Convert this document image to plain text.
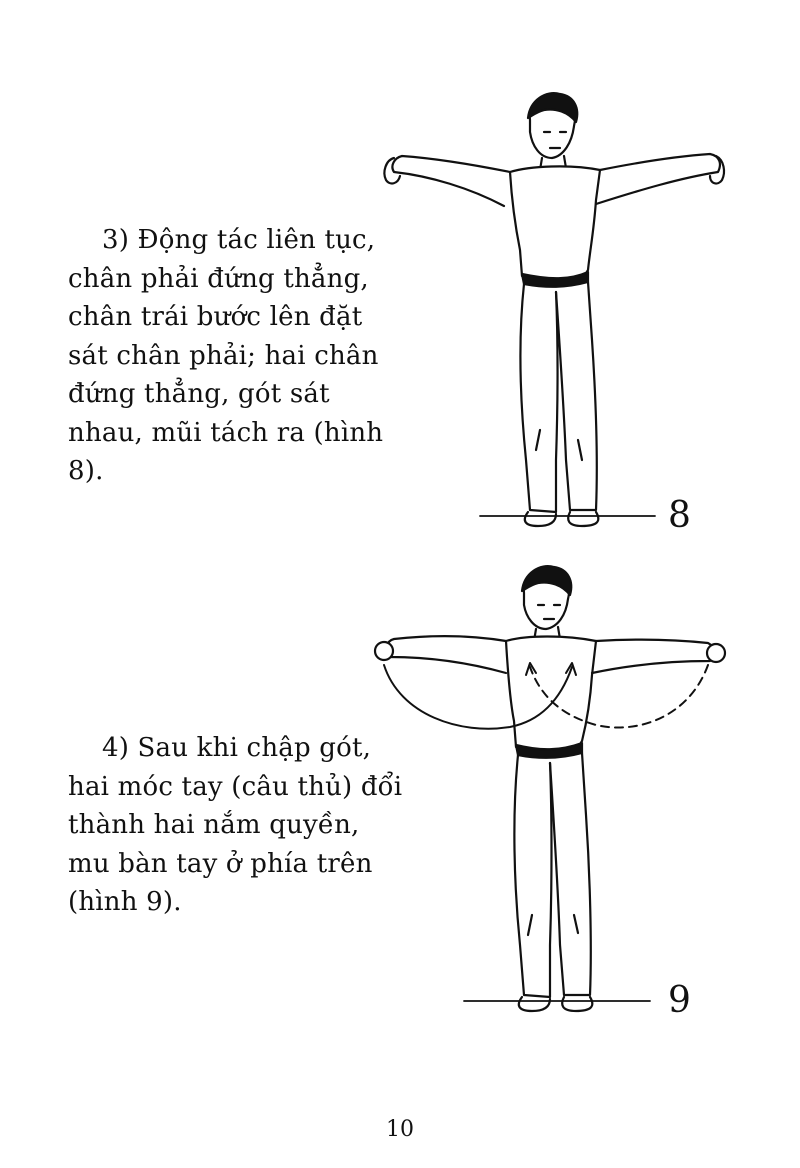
3) Động tác liên tục,
chân phải đứng thẳng,
chân trái bước lên đặt
sát chân phải; hai chân
đứng thẳng, gót sát
nhau, mũi tách ra (hình
8).
8
4) Sau khi chập gót,
hai móc tay (câu thủ) đổi
thành hai nắm quyền,
mu bàn tay ở phía trên
(hình 9).
9
10
